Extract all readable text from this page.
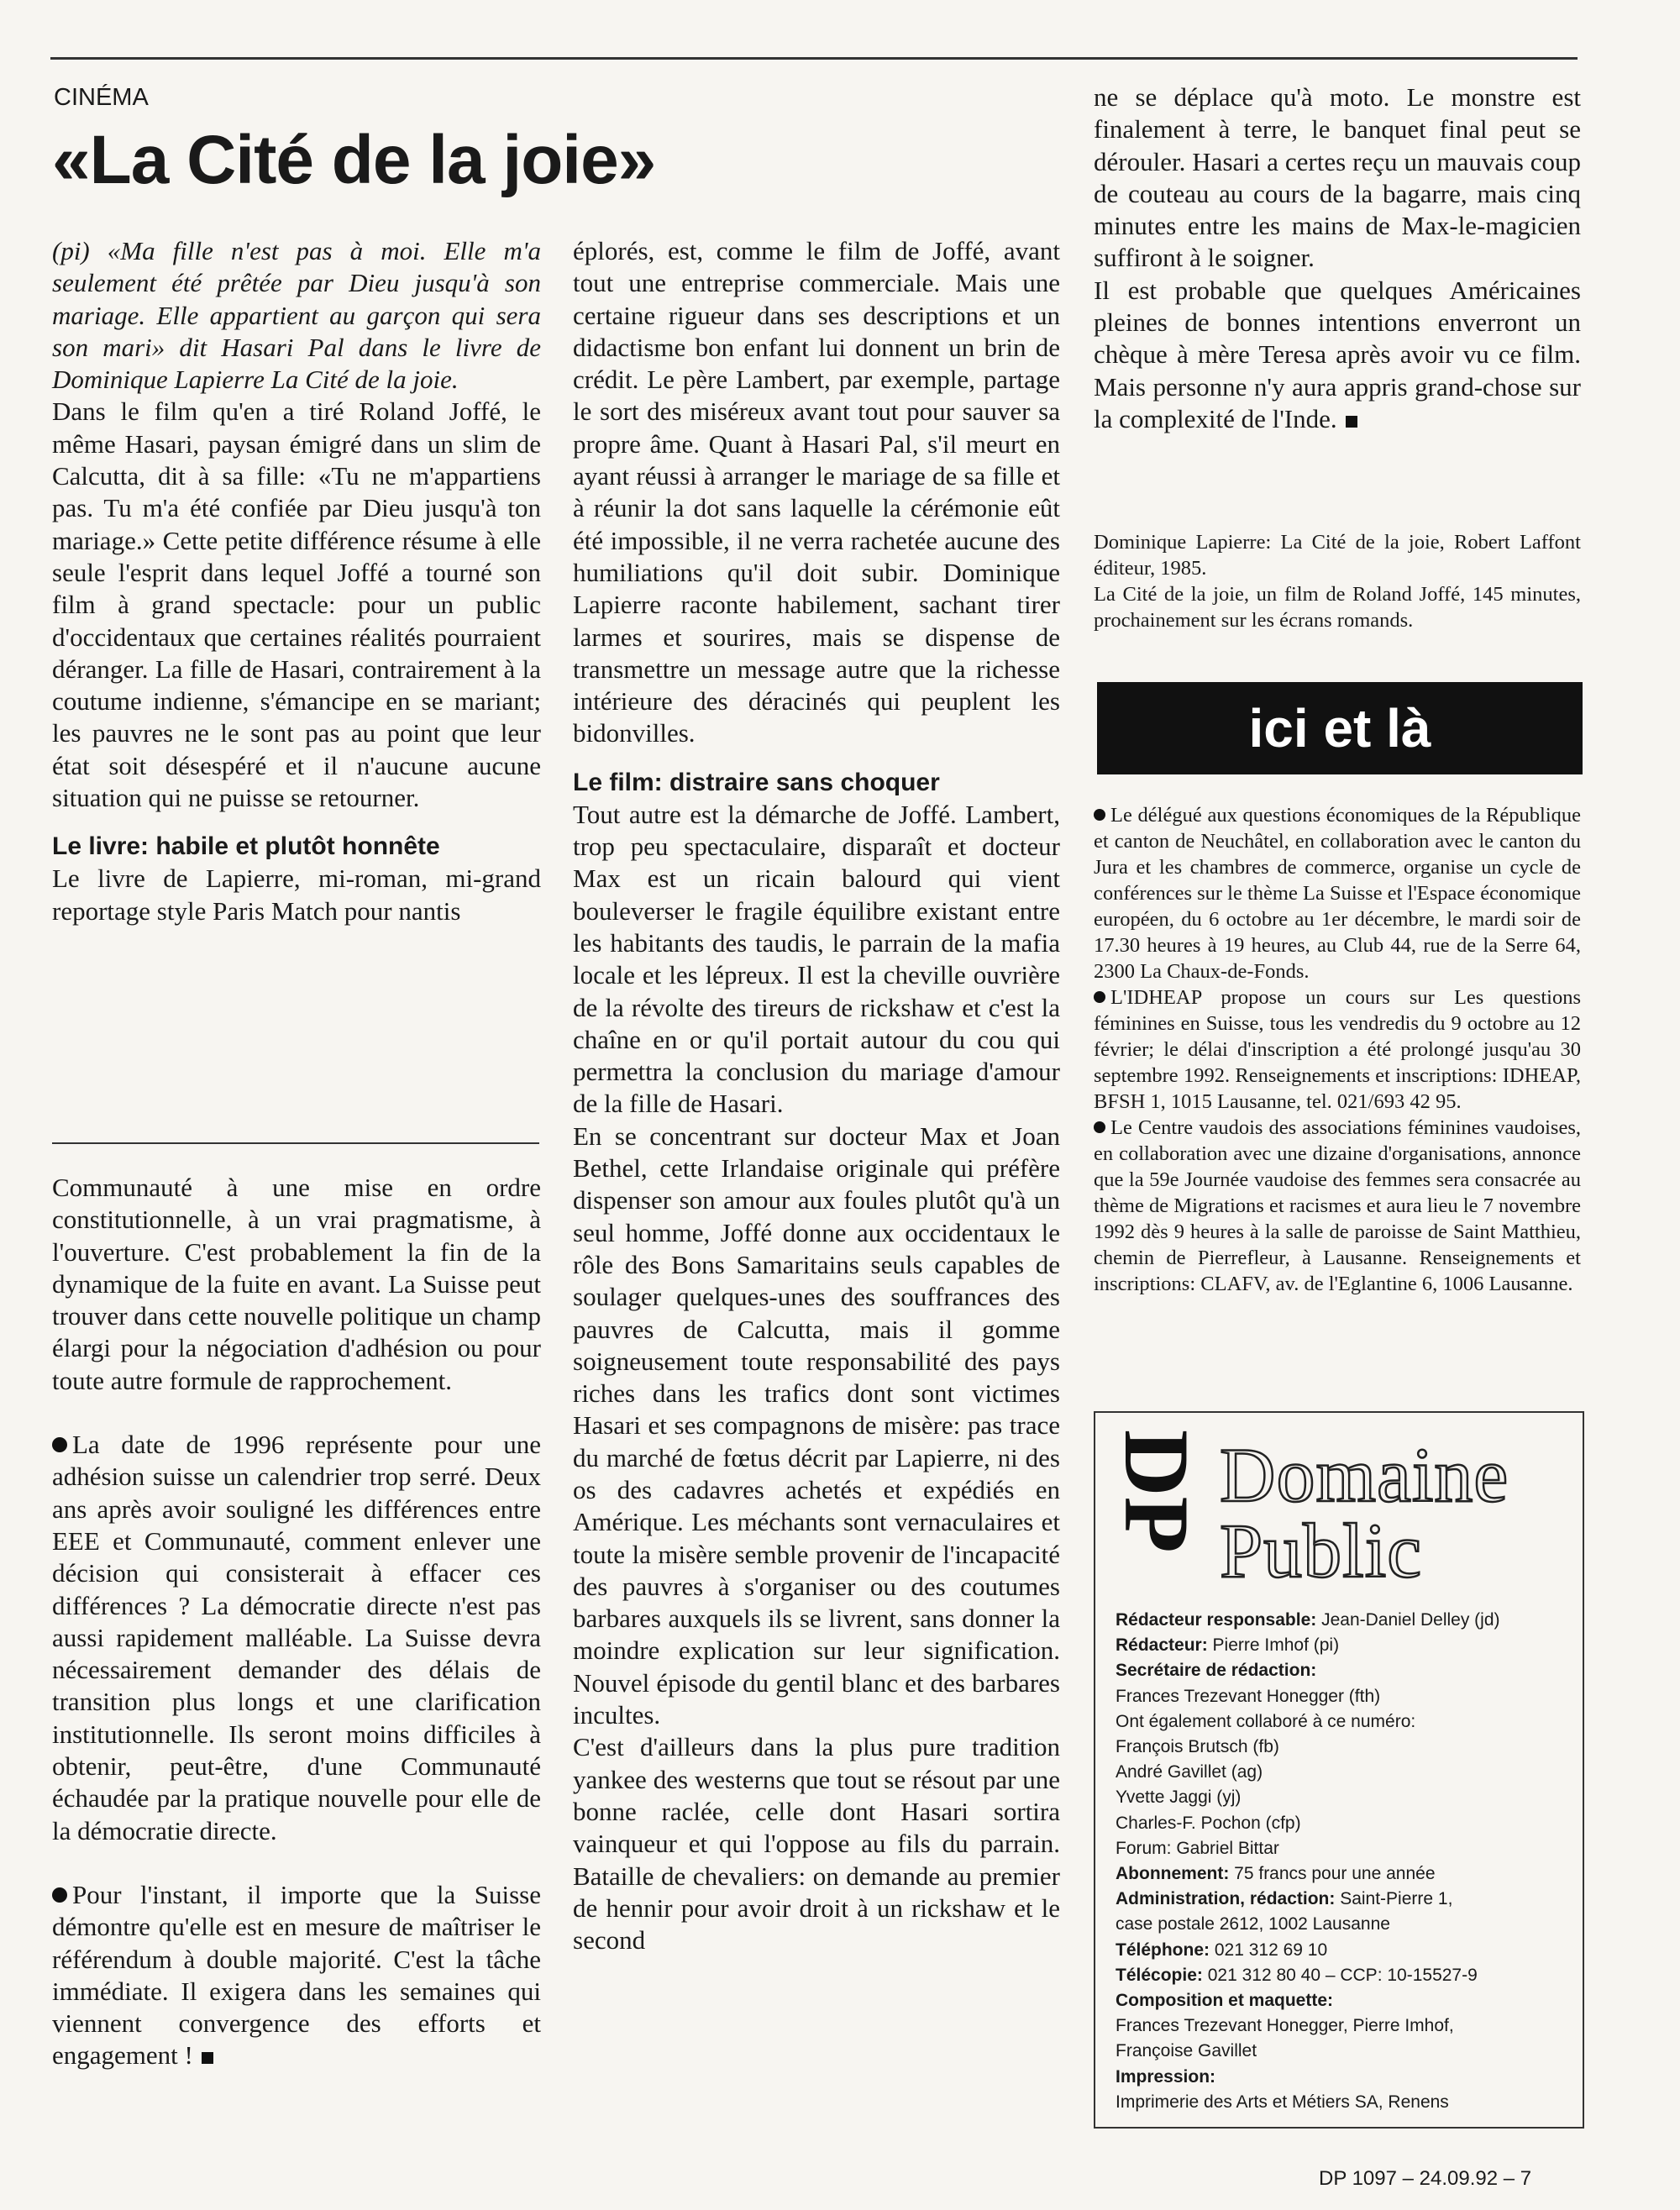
CINÉMA
«La Cité de la joie»

(pi) «Ma fille n'est pas à moi. Elle m'a seulement été prêtée par Dieu jusqu'à son mariage. Elle appartient au garçon qui sera son mari» dit Hasari Pal dans le livre de Dominique Lapierre La Cité de la joie.

Dans le film qu'en a tiré Roland Joffé, le même Hasari, paysan émigré dans un slim de Calcutta, dit à sa fille: «Tu ne m'appartiens pas. Tu m'a été confiée par Dieu jusqu'à ton mariage.» Cette petite différence résume à elle seule l'esprit dans lequel Joffé a tourné son film à grand spectacle: pour un public d'occidentaux que certaines réalités pourraient déranger. La fille de Hasari, contrairement à la coutume indienne, s'émancipe en se mariant; les pauvres ne le sont pas au point que leur état soit désespéré et il n'aucune aucune situation qui ne puisse se retourner.

Le livre: habile et plutôt honnête

Le livre de Lapierre, mi-roman, mi-grand reportage style Paris Match pour nantis

Communauté à une mise en ordre constitutionnelle, à un vrai pragmatisme, à l'ouverture. C'est probablement la fin de la dynamique de la fuite en avant. La Suisse peut trouver dans cette nouvelle politique un champ élargi pour la négociation d'adhésion ou pour toute autre formule de rapprochement.

La date de 1996 représente pour une adhésion suisse un calendrier trop serré. Deux ans après avoir souligné les différences entre EEE et Communauté, comment enlever une décision qui consisterait à effacer ces différences ? La démocratie directe n'est pas aussi rapidement malléable. La Suisse devra nécessairement demander des délais de transition plus longs et une clarification institutionnelle. Ils seront moins difficiles à obtenir, peut-être, d'une Communauté échaudée par la pratique nouvelle pour elle de la démocratie directe.

Pour l'instant, il importe que la Suisse démontre qu'elle est en mesure de maîtriser le référendum à double majorité. C'est la tâche immédiate. Il exigera dans les semaines qui viennent convergence des efforts et engagement !

éplorés, est, comme le film de Joffé, avant tout une entreprise commerciale. Mais une certaine rigueur dans ses descriptions et un didactisme bon enfant lui donnent un brin de crédit. Le père Lambert, par exemple, partage le sort des miséreux avant tout pour sauver sa propre âme. Quant à Hasari Pal, s'il meurt en ayant réussi à arranger le mariage de sa fille et à réunir la dot sans laquelle la cérémonie eût été impossible, il ne verra rachetée aucune des humiliations qu'il doit subir. Dominique Lapierre raconte habilement, sachant tirer larmes et sourires, mais se dispense de transmettre un message autre que la richesse intérieure des déracinés qui peuplent les bidonvilles.

Le film: distraire sans choquer

Tout autre est la démarche de Joffé. Lambert, trop peu spectaculaire, disparaît et docteur Max est un ricain balourd qui vient bouleverser le fragile équilibre existant entre les habitants des taudis, le parrain de la mafia locale et les lépreux. Il est la cheville ouvrière de la révolte des tireurs de rickshaw et c'est la chaîne en or qu'il portait autour du cou qui permettra la conclusion du mariage d'amour de la fille de Hasari.

En se concentrant sur docteur Max et Joan Bethel, cette Irlandaise originale qui préfère dispenser son amour aux foules plutôt qu'à un seul homme, Joffé donne aux occidentaux le rôle des Bons Samaritains seuls capables de soulager quelques-unes des souffrances des pauvres de Calcutta, mais il gomme soigneusement toute responsabilité des pays riches dans les trafics dont sont victimes Hasari et ses compagnons de misère: pas trace du marché de fœtus décrit par Lapierre, ni des os des cadavres achetés et expédiés en Amérique. Les méchants sont vernaculaires et toute la misère semble provenir de l'incapacité des pauvres à s'organiser ou des coutumes barbares auxquels ils se livrent, sans donner la moindre explication sur leur signification. Nouvel épisode du gentil blanc et des barbares incultes.

C'est d'ailleurs dans la plus pure tradition yankee des westerns que tout se résout par une bonne raclée, celle dont Hasari sortira vainqueur et qui l'oppose au fils du parrain. Bataille de chevaliers: on demande au premier de hennir pour avoir droit à un rickshaw et le second

ne se déplace qu'à moto. Le monstre est finalement à terre, le banquet final peut se dérouler. Hasari a certes reçu un mauvais coup de couteau au cours de la bagarre, mais cinq minutes entre les mains de Max-le-magicien suffiront à le soigner.

Il est probable que quelques Américaines pleines de bonnes intentions enverront un chèque à mère Teresa après avoir vu ce film. Mais personne n'y aura appris grand-chose sur la complexité de l'Inde.

Dominique Lapierre: La Cité de la joie, Robert Laffont éditeur, 1985.

La Cité de la joie, un film de Roland Joffé, 145 minutes, prochainement sur les écrans romands.

ici et là

Le délégué aux questions économiques de la République et canton de Neuchâtel, en collaboration avec le canton du Jura et les chambres de commerce, organise un cycle de conférences sur le thème La Suisse et l'Espace économique européen, du 6 octobre au 1er décembre, le mardi soir de 17.30 heures à 19 heures, au Club 44, rue de la Serre 64, 2300 La Chaux-de-Fonds.

L'IDHEAP propose un cours sur Les questions féminines en Suisse, tous les vendredis du 9 octobre au 12 février; le délai d'inscription a été prolongé jusqu'au 30 septembre 1992. Renseignements et inscriptions: IDHEAP, BFSH 1, 1015 Lausanne, tel. 021/693 42 95.

Le Centre vaudois des associations féminines vaudoises, en collaboration avec une dizaine d'organisations, annonce que la 59e Journée vaudoise des femmes sera consacrée au thème de Migrations et racismes et aura lieu le 7 novembre 1992 dès 9 heures à la salle de paroisse de Saint Matthieu, chemin de Pierrefleur, à Lausanne. Renseignements et inscriptions: CLAFV, av. de l'Eglantine 6, 1006 Lausanne.

DP Domaine
Public
Rédacteur responsable: Jean-Daniel Delley (jd)
Rédacteur: Pierre Imhof (pi)
Secrétaire de rédaction:
Frances Trezevant Honegger (fth)
Ont également collaboré à ce numéro:
François Brutsch (fb)
André Gavillet (ag)
Yvette Jaggi (yj)
Charles-F. Pochon (cfp)
Forum: Gabriel Bittar
Abonnement: 75 francs pour une année
Administration, rédaction: Saint-Pierre 1,
case postale 2612, 1002 Lausanne
Téléphone: 021 312 69 10
Télécopie: 021 312 80 40 – CCP: 10-15527-9
Composition et maquette:
Frances Trezevant Honegger, Pierre Imhof,
Françoise Gavillet
Impression:
Imprimerie des Arts et Métiers SA, Renens
DP 1097 – 24.09.92 – 7
